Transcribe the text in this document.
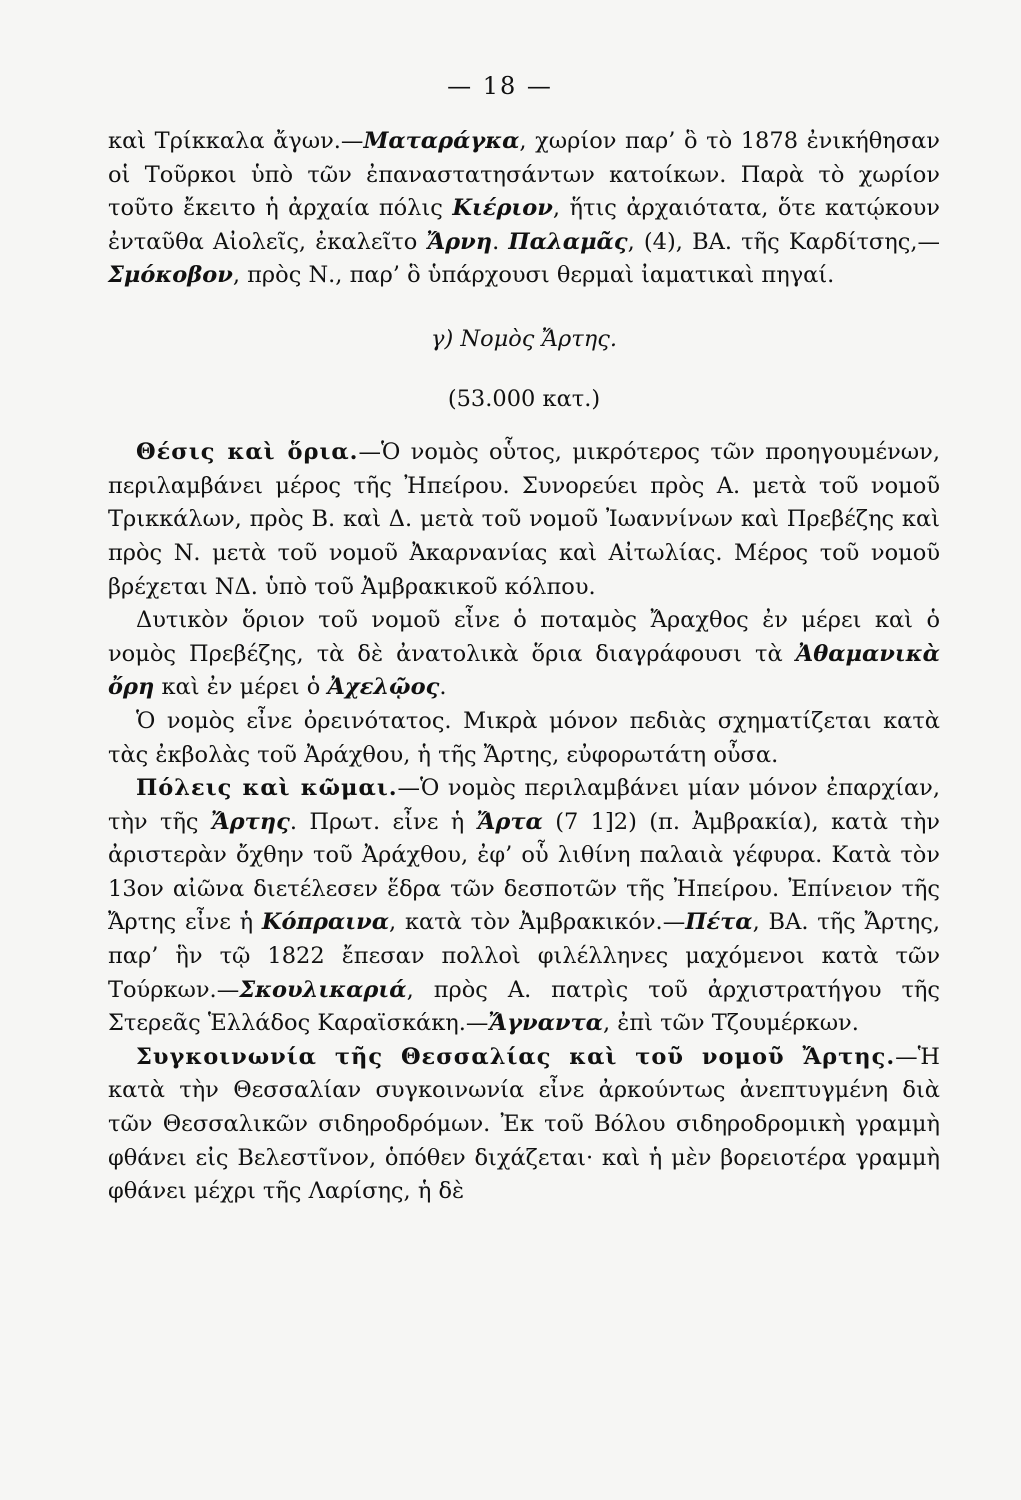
— 18 —

καὶ Τρίκκαλα ἄγων.—Ματαράγκα, χωρίον παρ’ ὃ τὸ 1878 ἐνικήθησαν οἱ Τοῦρκοι ὑπὸ τῶν ἐπαναστατησάντων κατοίκων. Παρὰ τὸ χωρίον τοῦτο ἔκειτο ἡ ἀρχαία πόλις Κιέριον, ἥτις ἀρχαιότατα, ὅτε κατῴκουν ἐνταῦθα Αἰολεῖς, ἐκαλεῖτο Ἄρνη. Παλαμᾶς, (4), ΒΑ. τῆς Καρδίτσης,—Σμόκοβον, πρὸς Ν., παρ’ ὃ ὑπάρχουσι θερμαὶ ἰαματικαὶ πηγαί.

γ) Νομὸς Ἄρτης.

(53.000 κατ.)

Θέσις καὶ ὅρια.—Ὁ νομὸς οὗτος, μικρότερος τῶν προηγουμένων, περιλαμβάνει μέρος τῆς Ἠπείρου. Συνορεύει πρὸς Α. μετὰ τοῦ νομοῦ Τρικκάλων, πρὸς Β. καὶ Δ. μετὰ τοῦ νομοῦ Ἰωαννίνων καὶ Πρεβέζης καὶ πρὸς Ν. μετὰ τοῦ νομοῦ Ἀκαρνανίας καὶ Αἰτωλίας. Μέρος τοῦ νομοῦ βρέχεται ΝΔ. ὑπὸ τοῦ Ἀμβρακικοῦ κόλπου.

Δυτικὸν ὅριον τοῦ νομοῦ εἶνε ὁ ποταμὸς Ἄραχθος ἐν μέρει καὶ ὁ νομὸς Πρεβέζης, τὰ δὲ ἀνατολικὰ ὅρια διαγράφουσι τὰ Ἀθαμανικὰ ὄρη καὶ ἐν μέρει ὁ Ἀχελῷος.

Ὁ νομὸς εἶνε ὀρεινότατος. Μικρὰ μόνον πεδιὰς σχηματίζεται κατὰ τὰς ἐκβολὰς τοῦ Ἀράχθου, ἡ τῆς Ἄρτης, εὐφορωτάτη οὖσα.

Πόλεις καὶ κῶμαι.—Ὁ νομὸς περιλαμβάνει μίαν μόνον ἐπαρχίαν, τὴν τῆς Ἄρτης. Πρωτ. εἶνε ἡ Ἄρτα (7 1]2) (π. Ἀμβρακία), κατὰ τὴν ἀριστερὰν ὄχθην τοῦ Ἀράχθου, ἐφ’ οὗ λιθίνη παλαιὰ γέφυρα. Κατὰ τὸν 13ον αἰῶνα διετέλεσεν ἕδρα τῶν δεσποτῶν τῆς Ἠπείρου. Ἐπίνειον τῆς Ἄρτης εἶνε ἡ Κόπραινα, κατὰ τὸν Ἀμβρακικόν.—Πέτα, ΒΑ. τῆς Ἄρτης, παρ’ ἣν τῷ 1822 ἔπεσαν πολλοὶ φιλέλληνες μαχόμενοι κατὰ τῶν Τούρκων.—Σκουλικαριά, πρὸς Α. πατρὶς τοῦ ἀρχιστρατήγου τῆς Στερεᾶς Ἑλλάδος Καραϊσκάκη.—Ἄγναντα, ἐπὶ τῶν Τζουμέρκων.

Συγκοινωνία τῆς Θεσσαλίας καὶ τοῦ νομοῦ Ἄρτης.—Ἡ κατὰ τὴν Θεσσαλίαν συγκοινωνία εἶνε ἀρκούντως ἀνεπτυγμένη διὰ τῶν Θεσσαλικῶν σιδηροδρόμων. Ἐκ τοῦ Βόλου σιδηροδρομικὴ γραμμὴ φθάνει εἰς Βελεστῖνον, ὁπόθεν διχάζεται· καὶ ἡ μὲν βορειοτέρα γραμμὴ φθάνει μέχρι τῆς Λαρίσης, ἡ δὲ
